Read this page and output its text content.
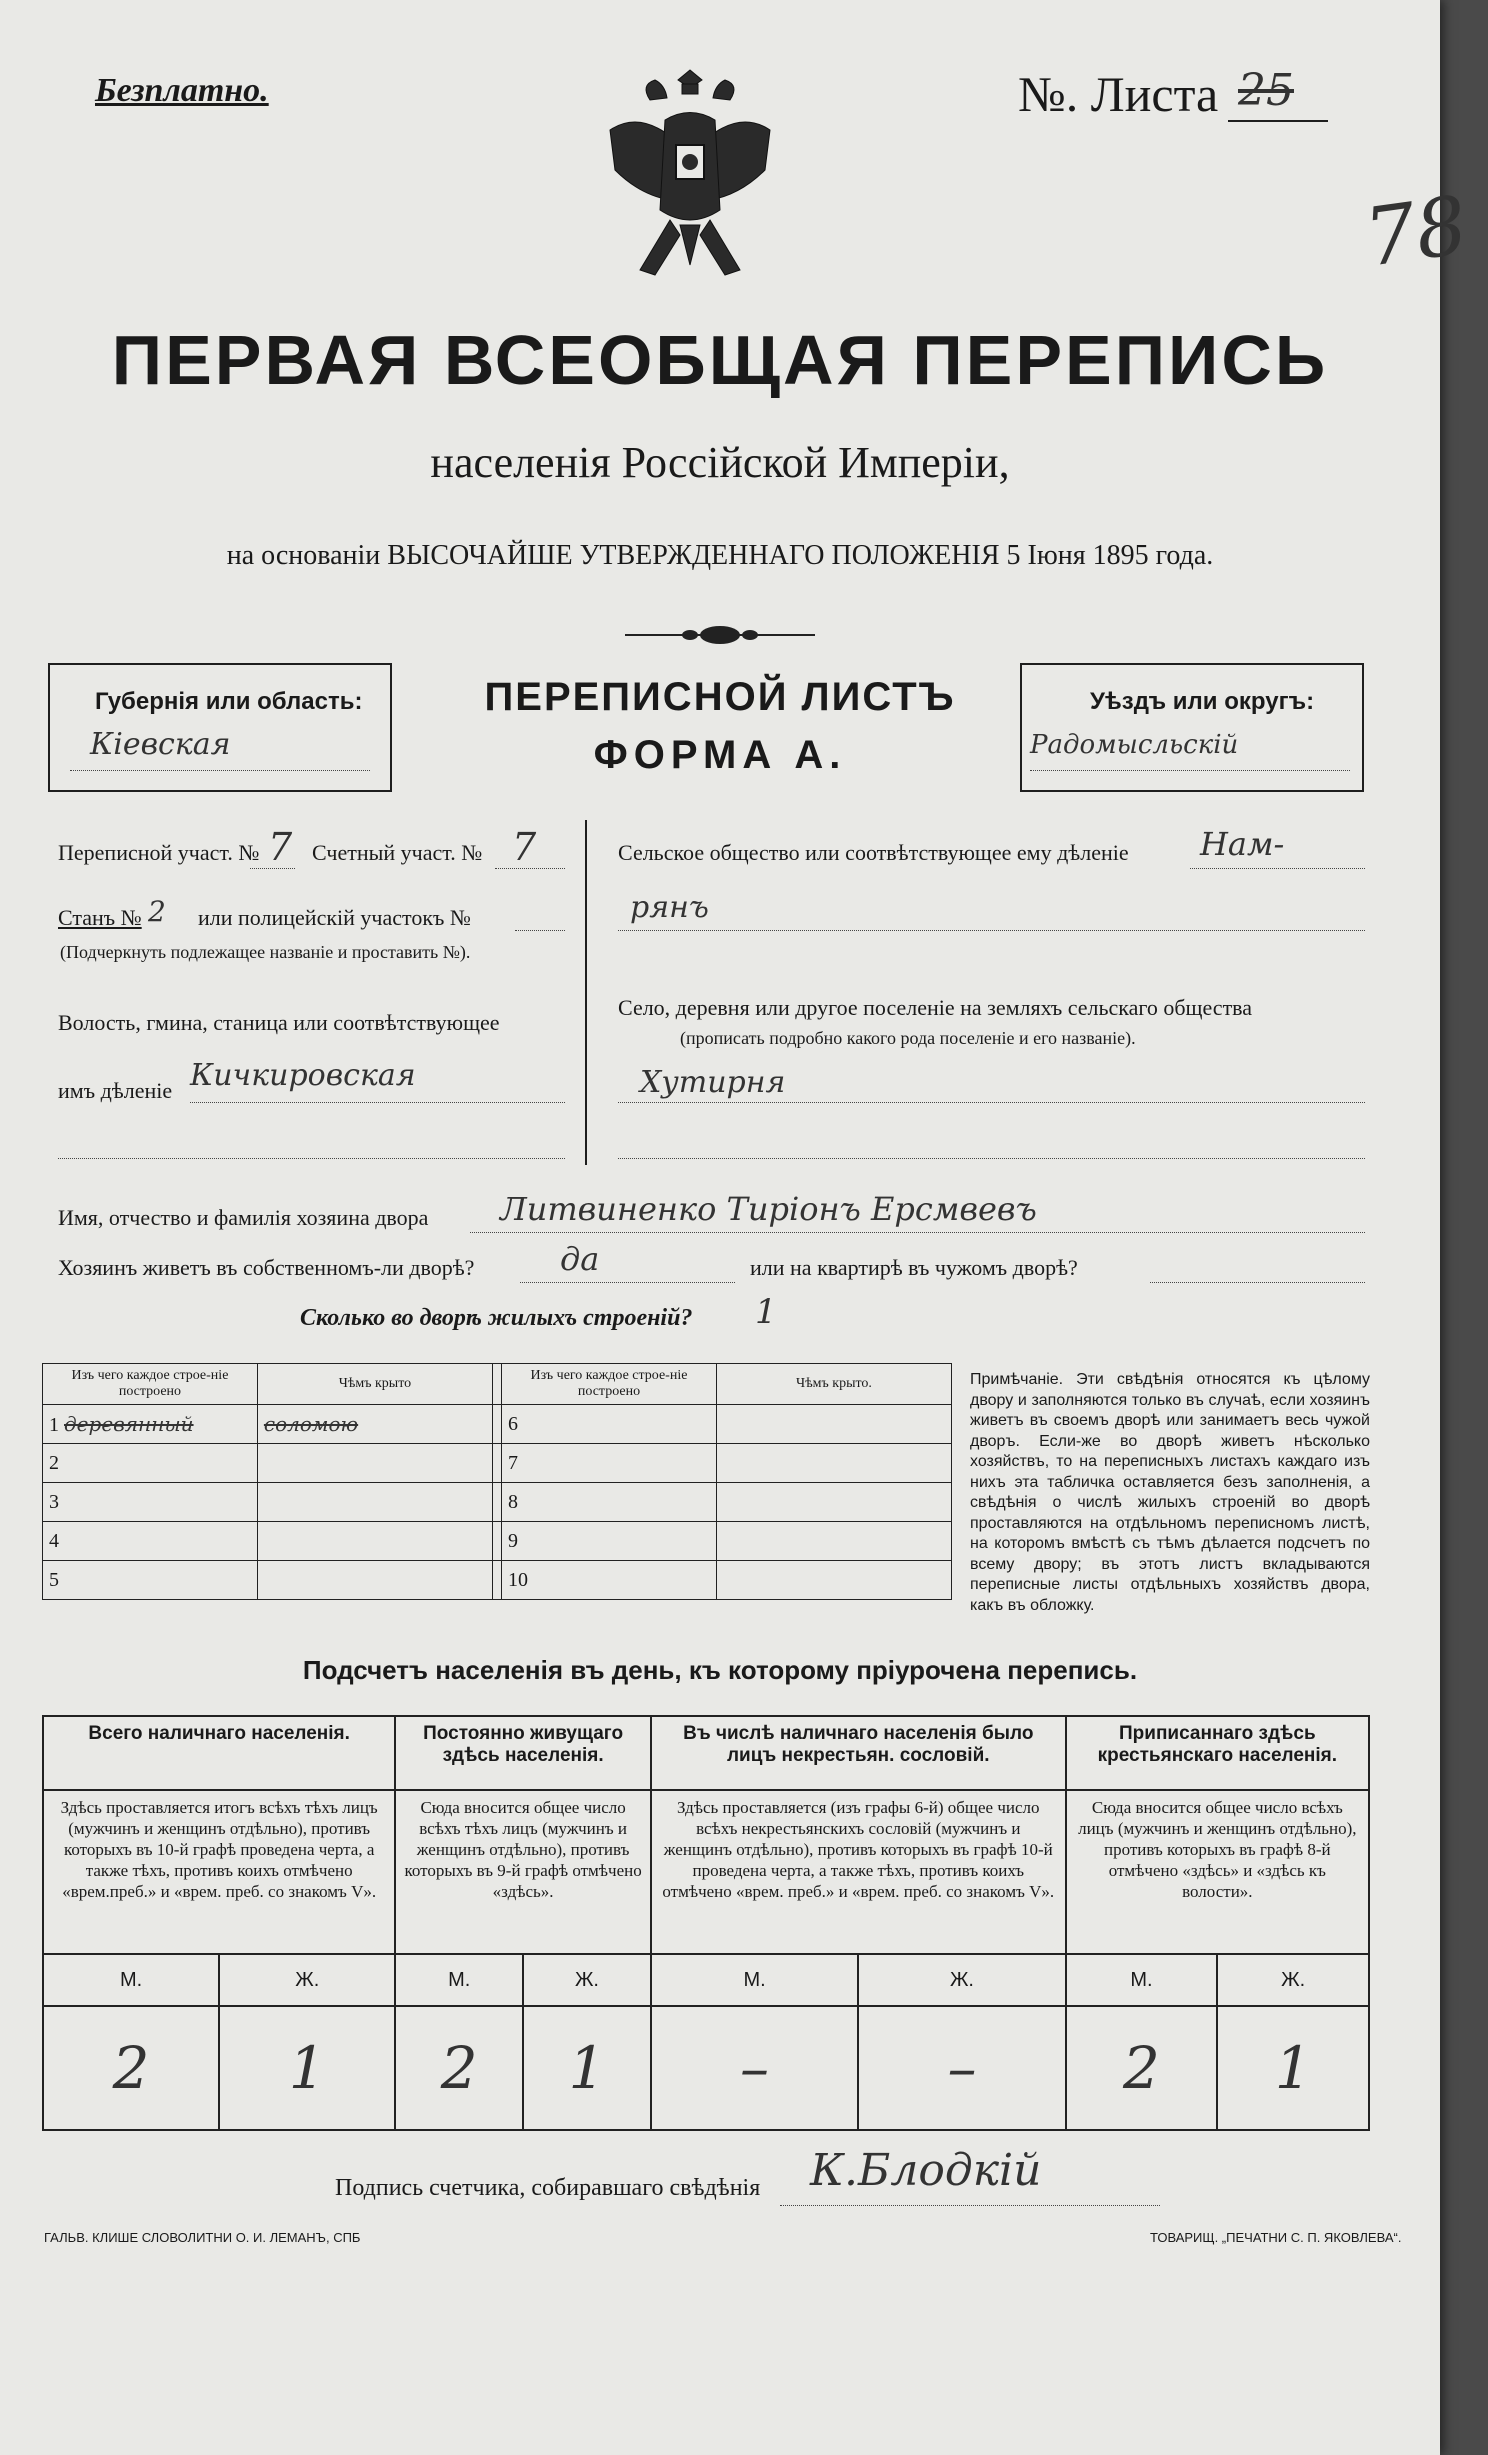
Безплатно.	№. Листа 25
78
ПЕРВАЯ ВСЕОБЩАЯ ПЕРЕПИСЬ
населенія Россійской Имперіи,
на основаніи ВЫСОЧАЙШЕ УТВЕРЖДЕННАГО ПОЛОЖЕНІЯ 5 Іюня 1895 года.
Губернія или область:
Кіевская
ПЕРЕПИСНОЙ ЛИСТЪ
ФОРМА А.
Уѣздъ или округъ:
Радомысльскій
Переписной участ. № 7 Счетный участ. № 7
Станъ № 2 или полицейскій участокъ №
(Подчеркнуть подлежащее названіе и проставить №).
Волость, гмина, станица или соотвѣтствующее
имъ дѣленіе Кичкировская
Сельское общество или соотвѣтствующее ему дѣленіе Нам-
рянъ
Село, деревня или другое поселеніе на земляхъ сельскаго общества
(прописать подробно какого рода поселеніе и его названіе).
Хутирня
Имя, отчество и фамилія хозяина двора Литвиненко Тиріонъ Ерсмвевъ
Хозяинъ живетъ въ собственномъ-ли дворѣ?	да	или на квартирѣ въ чужомъ дворѣ?
Сколько во дворѣ жилыхъ строеній? 1
Изъ чего каждое строе-ніе построено	Чѣмъ крыто		Изъ чего каждое строе-ніе построено	Чѣмъ крыто.
1 деревянный	соломою		6	
2			7	
3			8	
4			9	
5			10	
Примѣчаніе. Эти свѣдѣнія относятся къ цѣлому двору и заполняются только въ случаѣ, если хозяинъ живетъ въ своемъ дворѣ или занимаетъ весь чужой дворъ. Если-же во дворѣ живетъ нѣсколько хозяйствъ, то на переписныхъ листахъ каждаго изъ нихъ эта табличка оставляется безъ заполненія, а свѣдѣнія о числѣ жилыхъ строеній во дворѣ проставляются на отдѣльномъ переписномъ листѣ, на которомъ вмѣстѣ съ тѣмъ дѣлается подсчетъ по всему двору; въ этотъ листъ вкладываются переписные листы отдѣльныхъ хозяйствъ двора, какъ въ обложку.
Подсчетъ населенія въ день, къ которому пріурочена перепись.
Всего наличнаго населенія.		Постоянно живущаго здѣсь населенія.		Въ числѣ наличнаго населенія было лицъ некрестьян. сословій.		Приписаннаго здѣсь крестьянскаго населенія.	
Здѣсь проставляется итогъ всѣхъ тѣхъ лицъ (мужчинъ и женщинъ отдѣльно), противъ которыхъ въ 10-й графѣ проведена черта, а также тѣхъ, противъ коихъ отмѣчено «врем.преб.» и «врем. преб. со знакомъ V».		Сюда вносится общее число всѣхъ тѣхъ лицъ (мужчинъ и женщинъ отдѣльно), противъ которыхъ въ 9-й графѣ отмѣчено «здѣсь».		Здѣсь проставляется (изъ графы 6-й) общее число всѣхъ некрестьянскихъ сословій (мужчинъ и женщинъ отдѣльно), противъ которыхъ въ графѣ 10-й проведена черта, а также тѣхъ, противъ коихъ отмѣчено «врем. преб.» и «врем. преб. со знакомъ V».		Сюда вносится общее число всѣхъ лицъ (мужчинъ и женщинъ отдѣльно), противъ которыхъ въ графѣ 8-й отмѣчено «здѣсь» и «здѣсь къ волости».	
М.	Ж.	М.	Ж.	М.	Ж.	М.	Ж.
2	1	2	1	–	–	2	1
Подпись счетчика, собиравшаго свѣдѣнія К.Блодкій
ГАЛЬВ. КЛИШЕ СЛОВОЛИТНИ О. И. ЛЕМАНЪ, СПБ	ТОВАРИЩ. „ПЕЧАТНИ С. П. ЯКОВЛЕВА“.
